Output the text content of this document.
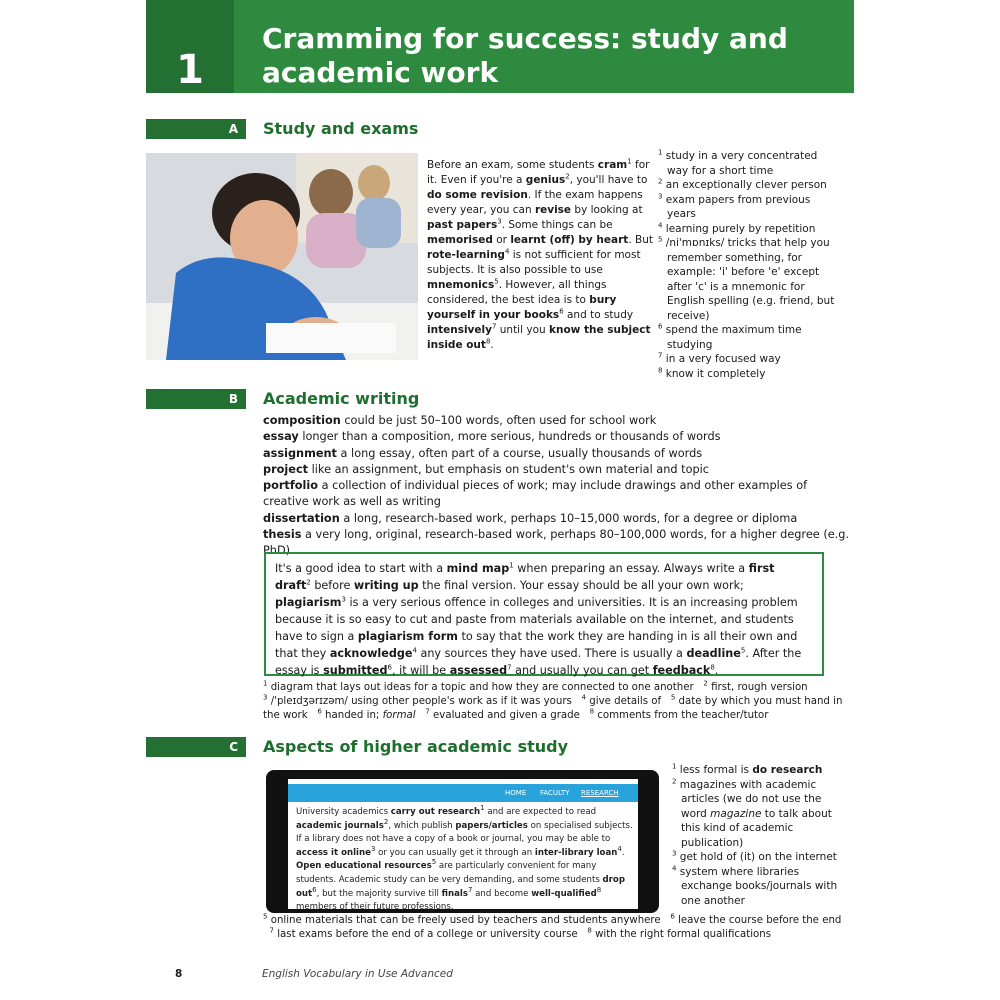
1
Cramming for success: study and academic work
A	Study and exams
Before an exam, some students cram$^1$ for it. Even if you're a genius$^2$, you'll have to do some revision. If the exam happens every year, you can revise by looking at past papers$^3$. Some things can be memorised or learnt (off) by heart. But rote-learning$^4$ is not sufficient for most subjects. It is also possible to use mnemonics$^5$. However, all things considered, the best idea is to bury yourself in your books$^6$ and to study intensively$^7$ until you know the subject inside out$^8$.
$^1$ study in a very concentrated way for a short time
$^2$ an exceptionally clever person
$^3$ exam papers from previous years
$^4$ learning purely by repetition
$^5$ /ni'mɒnɪks/ tricks that help you remember something, for example: 'i' before 'e' except after 'c' is a mnemonic for English spelling (e.g. friend, but receive)
$^6$ spend the maximum time studying
$^7$ in a very focused way
$^8$ know it completely
B	Academic writing
composition could be just 50–100 words, often used for school work
essay longer than a composition, more serious, hundreds or thousands of words
assignment a long essay, often part of a course, usually thousands of words
project like an assignment, but emphasis on student's own material and topic
portfolio a collection of individual pieces of work; may include drawings and other examples of creative work as well as writing
dissertation a long, research-based work, perhaps 10–15,000 words, for a degree or diploma
thesis a very long, original, research-based work, perhaps 80–100,000 words, for a higher degree (e.g. PhD)
It's a good idea to start with a mind map$^1$ when preparing an essay. Always write a first draft$^2$ before writing up the final version. Your essay should be all your own work; plagiarism$^3$ is a very serious offence in colleges and universities. It is an increasing problem because it is so easy to cut and paste from materials available on the internet, and students have to sign a plagiarism form to say that the work they are handing in is all their own and that they acknowledge$^4$ any sources they have used. There is usually a deadline$^5$. After the essay is submitted$^6$, it will be assessed$^7$ and usually you can get feedback$^8$.
$^1$ diagram that lays out ideas for a topic and how they are connected to one another   $^2$ first, rough version
$^3$ /'pleɪdʒərɪzəm/ using other people's work as if it was yours   $^4$ give details of   $^5$ date by which you must hand in the work   $^6$ handed in; formal $^7$ evaluated and given a grade   $^8$ comments from the teacher/tutor
C	Aspects of higher academic study
HOME FACULTY RESEARCH
University academics carry out research$^1$ and are expected to read academic journals$^2$, which publish papers/articles on specialised subjects. If a library does not have a copy of a book or journal, you may be able to access it online$^3$ or you can usually get it through an inter-library loan$^4$. Open educational resources$^5$ are particularly convenient for many students. Academic study can be very demanding, and some students drop out$^6$, but the majority survive till finals$^7$ and become well-qualified$^8$ members of their future professions.
$^1$ less formal is do research
$^2$ magazines with academic articles (we do not use the word magazine to talk about this kind of academic publication)
$^3$ get hold of (it) on the internet
$^4$ system where libraries exchange books/journals with one another
$^5$ online materials that can be freely used by teachers and students anywhere   $^6$ leave the course before the end   $^7$ last exams before the end of a college or university course   $^8$ with the right formal qualifications
8	English Vocabulary in Use Advanced
